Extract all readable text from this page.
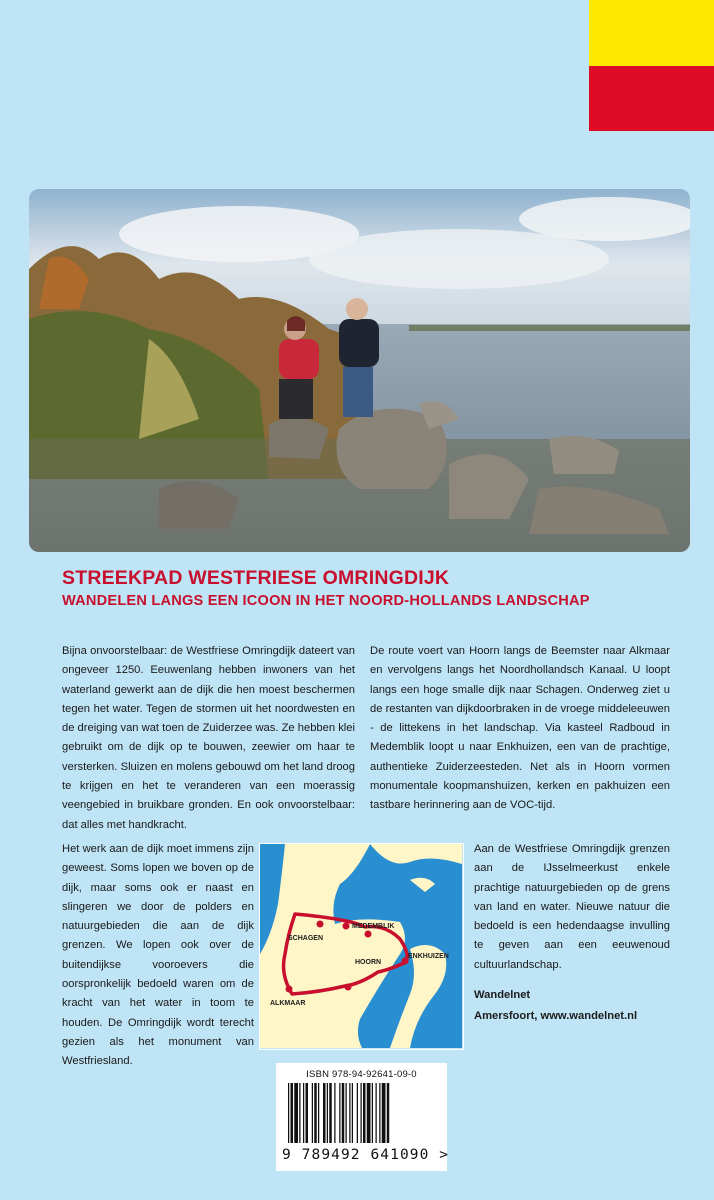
STREEKPAD WESTFRIESE OMRINGDIJK
WANDELEN LANGS EEN ICOON IN HET NOORD-HOLLANDS LANDSCHAP

Bijna onvoorstelbaar: de Westfriese Omringdijk dateert van ongeveer 1250. Eeuwenlang hebben inwoners van het waterland gewerkt aan de dijk die hen moest beschermen tegen het water. Tegen de stormen uit het noordwesten en de dreiging van wat toen de Zuiderzee was. Ze hebben klei gebruikt om de dijk op te bouwen, zeewier om haar te versterken. Sluizen en molens gebouwd om het land droog te krijgen en het te veranderen van een moerassig veengebied in bruikbare gronden. En ook onvoorstelbaar: dat alles met handkracht.

De route voert van Hoorn langs de Beemster naar Alkmaar en vervolgens langs het Noordhollandsch Kanaal. U loopt langs een hoge smalle dijk naar Schagen. Onderweg ziet u de restanten van dijkdoorbraken in de vroege middeleeuwen - de littekens in het landschap. Via kasteel Radboud in Medemblik loopt u naar Enkhuizen, een van de prachtige, authentieke Zuiderzeesteden. Net als in Hoorn vormen monumentale koopmanshuizen, kerken en pakhuizen een tastbare herinnering aan de VOC-tijd.

Het werk aan de dijk moet immens zijn geweest. Soms lopen we boven op de dijk, maar soms ook er naast en slingeren we door de polders en natuurgebieden die aan de dijk grenzen. We lopen ook over de buitendijkse vooroevers die oorspronkelijk bedoeld waren om de kracht van het water in toom te houden. De Omringdijk wordt terecht gezien als het monument van Westfriesland.

Aan de Westfriese Omringdijk grenzen aan de IJsselmeerkust enkele prachtige natuurgebieden op de grens van land en water. Nieuwe natuur die bedoeld is een hedendaagse invulling te geven aan een eeuwenoud cultuurlandschap.

Wandelnet
Amersfoort, www.wandelnet.nl
SCHAGEN
MEDEMBLIK
ENKHUIZEN
HOORN
ALKMAAR
ISBN 978-94-92641-09-0
9 789492 641090 >
